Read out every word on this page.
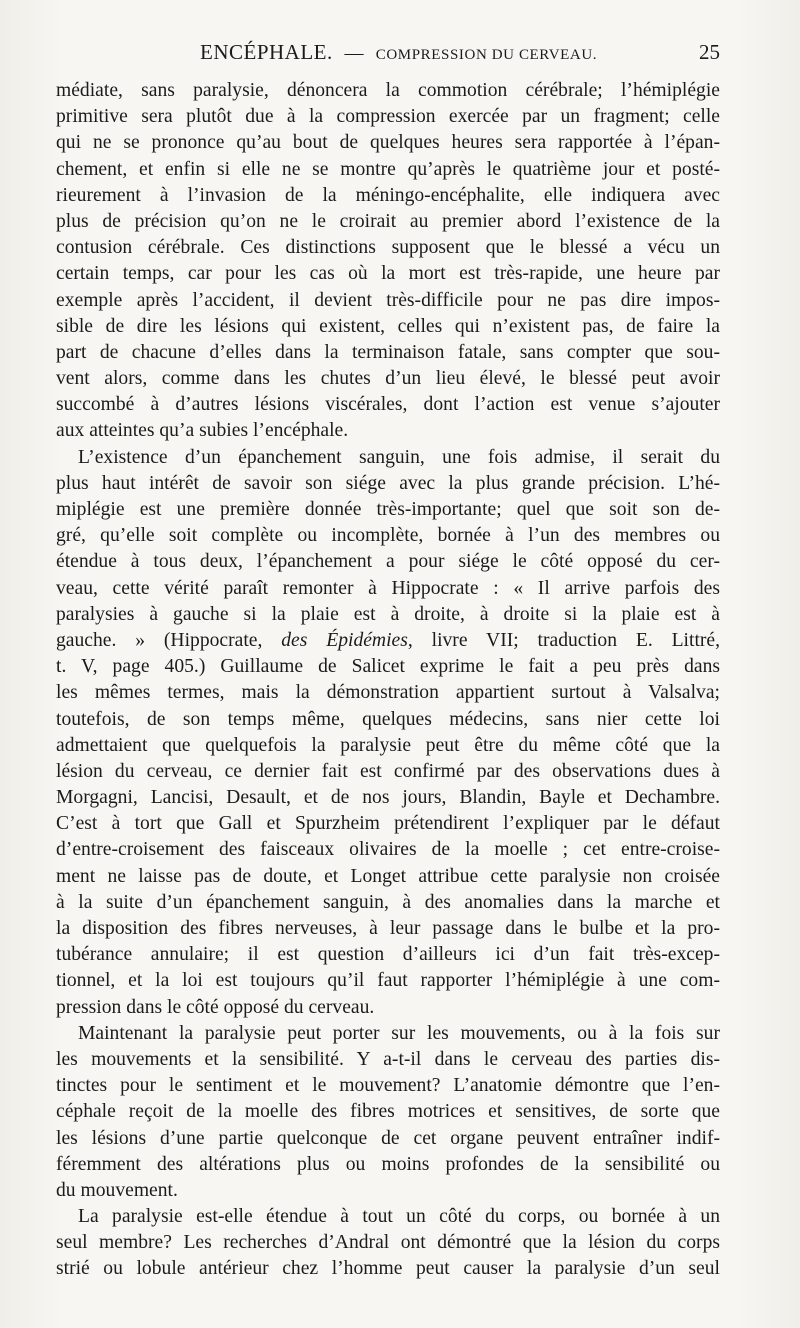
ENCÉPHALE. — COMPRESSION DU CERVEAU.	25
médiate, sans paralysie, dénoncera la commotion cérébrale; l’hémiplégie
primitive sera plutôt due à la compression exercée par un fragment; celle
qui ne se prononce qu’au bout de quelques heures sera rapportée à l’épan-
chement, et enfin si elle ne se montre qu’après le quatrième jour et posté-
rieurement à l’invasion de la méningo-encéphalite, elle indiquera avec
plus de précision qu’on ne le croirait au premier abord l’existence de la
contusion cérébrale. Ces distinctions supposent que le blessé a vécu un
certain temps, car pour les cas où la mort est très-rapide, une heure par
exemple après l’accident, il devient très-difficile pour ne pas dire impos-
sible de dire les lésions qui existent, celles qui n’existent pas, de faire la
part de chacune d’elles dans la terminaison fatale, sans compter que sou-
vent alors, comme dans les chutes d’un lieu élevé, le blessé peut avoir
succombé à d’autres lésions viscérales, dont l’action est venue s’ajouter
aux atteintes qu’a subies l’encéphale.
L’existence d’un épanchement sanguin, une fois admise, il serait du
plus haut intérêt de savoir son siége avec la plus grande précision. L’hé-
miplégie est une première donnée très-importante; quel que soit son de-
gré, qu’elle soit complète ou incomplète, bornée à l’un des membres ou
étendue à tous deux, l’épanchement a pour siége le côté opposé du cer-
veau, cette vérité paraît remonter à Hippocrate : « Il arrive parfois des
paralysies à gauche si la plaie est à droite, à droite si la plaie est à
gauche. » (Hippocrate, des Épidémies, livre VII; traduction E. Littré,
t. V, page 405.) Guillaume de Salicet exprime le fait a peu près dans
les mêmes termes, mais la démonstration appartient surtout à Valsalva;
toutefois, de son temps même, quelques médecins, sans nier cette loi
admettaient que quelquefois la paralysie peut être du même côté que la
lésion du cerveau, ce dernier fait est confirmé par des observations dues à
Morgagni, Lancisi, Desault, et de nos jours, Blandin, Bayle et Dechambre.
C’est à tort que Gall et Spurzheim prétendirent l’expliquer par le défaut
d’entre-croisement des faisceaux olivaires de la moelle ; cet entre-croise-
ment ne laisse pas de doute, et Longet attribue cette paralysie non croisée
à la suite d’un épanchement sanguin, à des anomalies dans la marche et
la disposition des fibres nerveuses, à leur passage dans le bulbe et la pro-
tubérance annulaire; il est question d’ailleurs ici d’un fait très-excep-
tionnel, et la loi est toujours qu’il faut rapporter l’hémiplégie à une com-
pression dans le côté opposé du cerveau.
Maintenant la paralysie peut porter sur les mouvements, ou à la fois sur
les mouvements et la sensibilité. Y a-t-il dans le cerveau des parties dis-
tinctes pour le sentiment et le mouvement? L’anatomie démontre que l’en-
céphale reçoit de la moelle des fibres motrices et sensitives, de sorte que
les lésions d’une partie quelconque de cet organe peuvent entraîner indif-
féremment des altérations plus ou moins profondes de la sensibilité ou
du mouvement.
La paralysie est-elle étendue à tout un côté du corps, ou bornée à un
seul membre? Les recherches d’Andral ont démontré que la lésion du corps
strié ou lobule antérieur chez l’homme peut causer la paralysie d’un seul
